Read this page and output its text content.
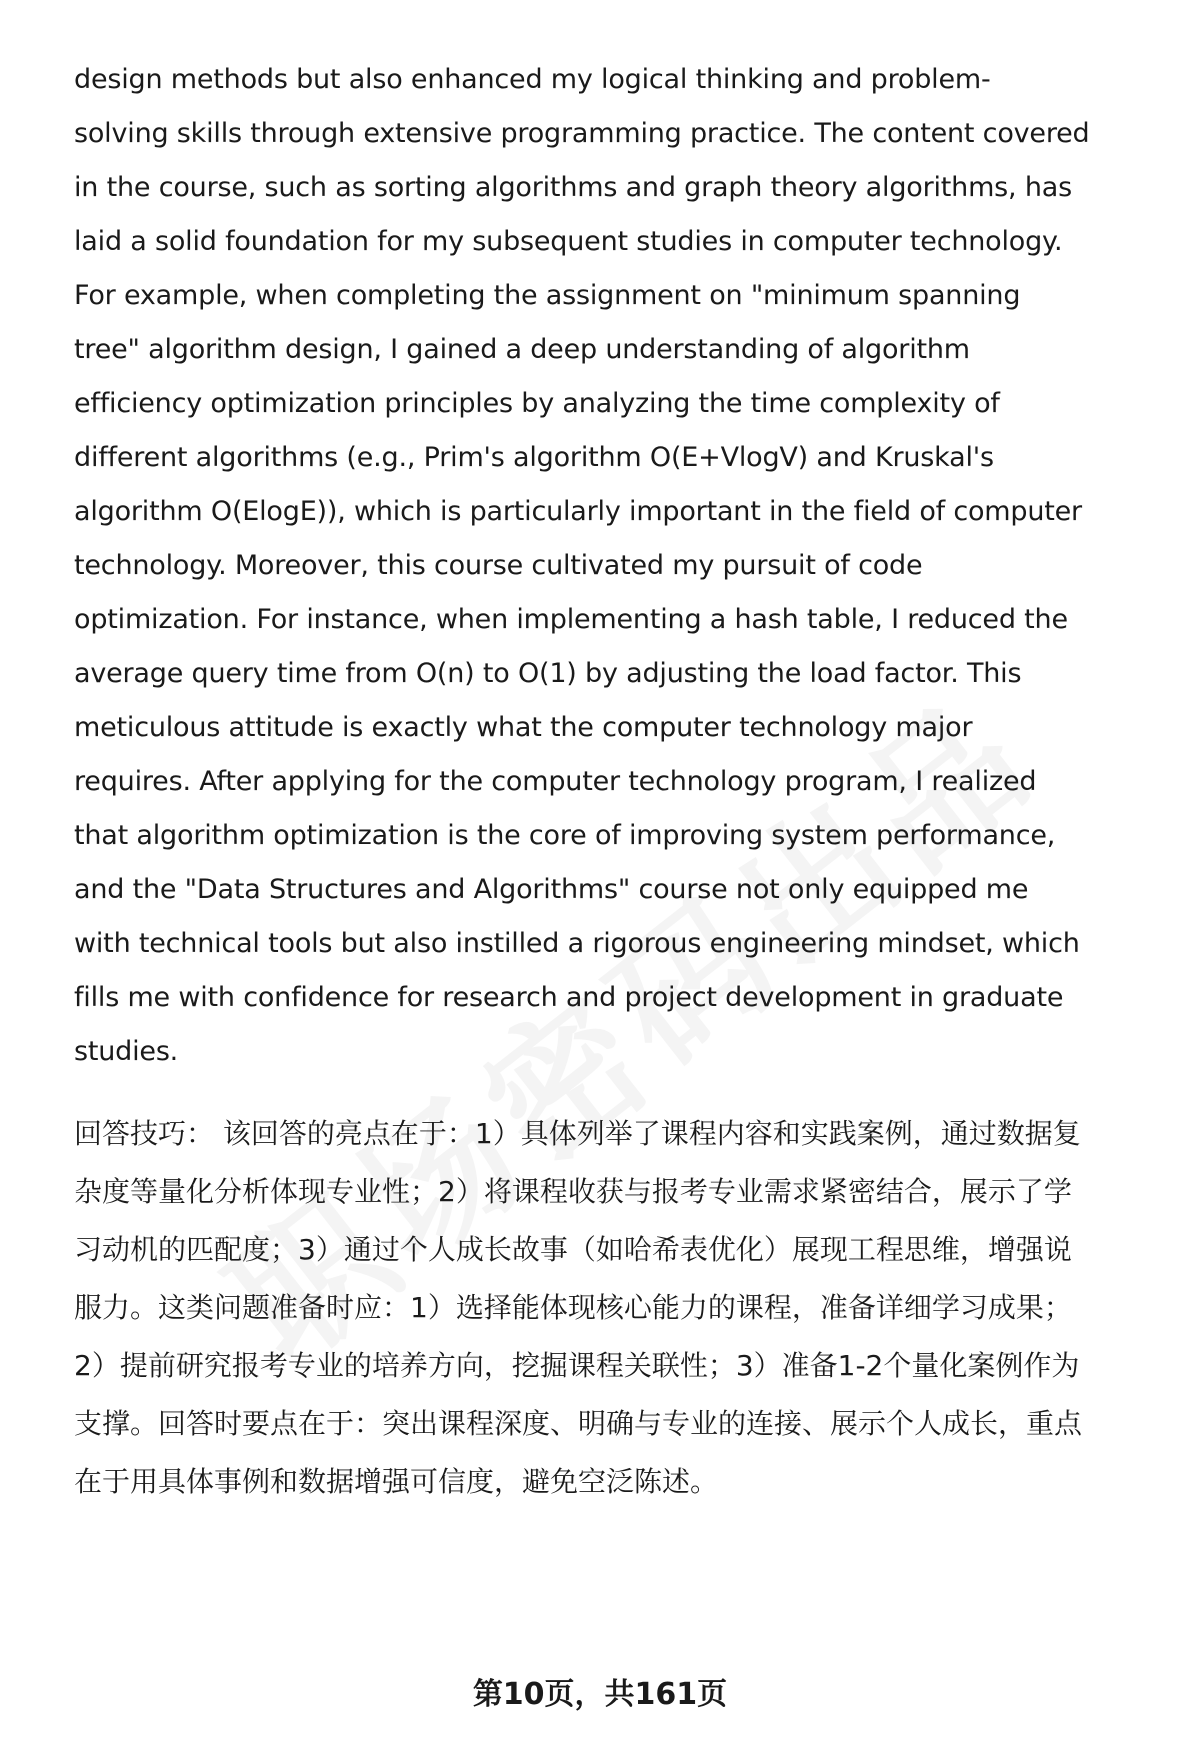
design methods but also enhanced my logical thinking and problem-
solving skills through extensive programming practice. The content covered
in the course, such as sorting algorithms and graph theory algorithms, has
laid a solid foundation for my subsequent studies in computer technology.
For example, when completing the assignment on "minimum spanning
tree" algorithm design, I gained a deep understanding of algorithm
efficiency optimization principles by analyzing the time complexity of
different algorithms (e.g., Prim's algorithm O(E+VlogV) and Kruskal's
algorithm O(ElogE)), which is particularly important in the field of computer
technology. Moreover, this course cultivated my pursuit of code
optimization. For instance, when implementing a hash table, I reduced the
average query time from O(n) to O(1) by adjusting the load factor. This
meticulous attitude is exactly what the computer technology major
requires. After applying for the computer technology program, I realized
that algorithm optimization is the core of improving system performance,
and the "Data Structures and Algorithms" course not only equipped me
with technical tools but also instilled a rigorous engineering mindset, which
fills me with confidence for research and project development in graduate
studies.
回答技巧： 该回答的亮点在于：1）具体列举了课程内容和实践案例，通过数据复
杂度等量化分析体现专业性；2）将课程收获与报考专业需求紧密结合，展示了学
习动机的匹配度；3）通过个人成长故事（如哈希表优化）展现工程思维，增强说
服力。这类问题准备时应：1）选择能体现核心能力的课程，准备详细学习成果；
2）提前研究报考专业的培养方向，挖掘课程关联性；3）准备1-2个量化案例作为
支撑。回答时要点在于：突出课程深度、明确与专业的连接、展示个人成长，重点
在于用具体事例和数据增强可信度，避免空泛陈述。
第10页，共161页
